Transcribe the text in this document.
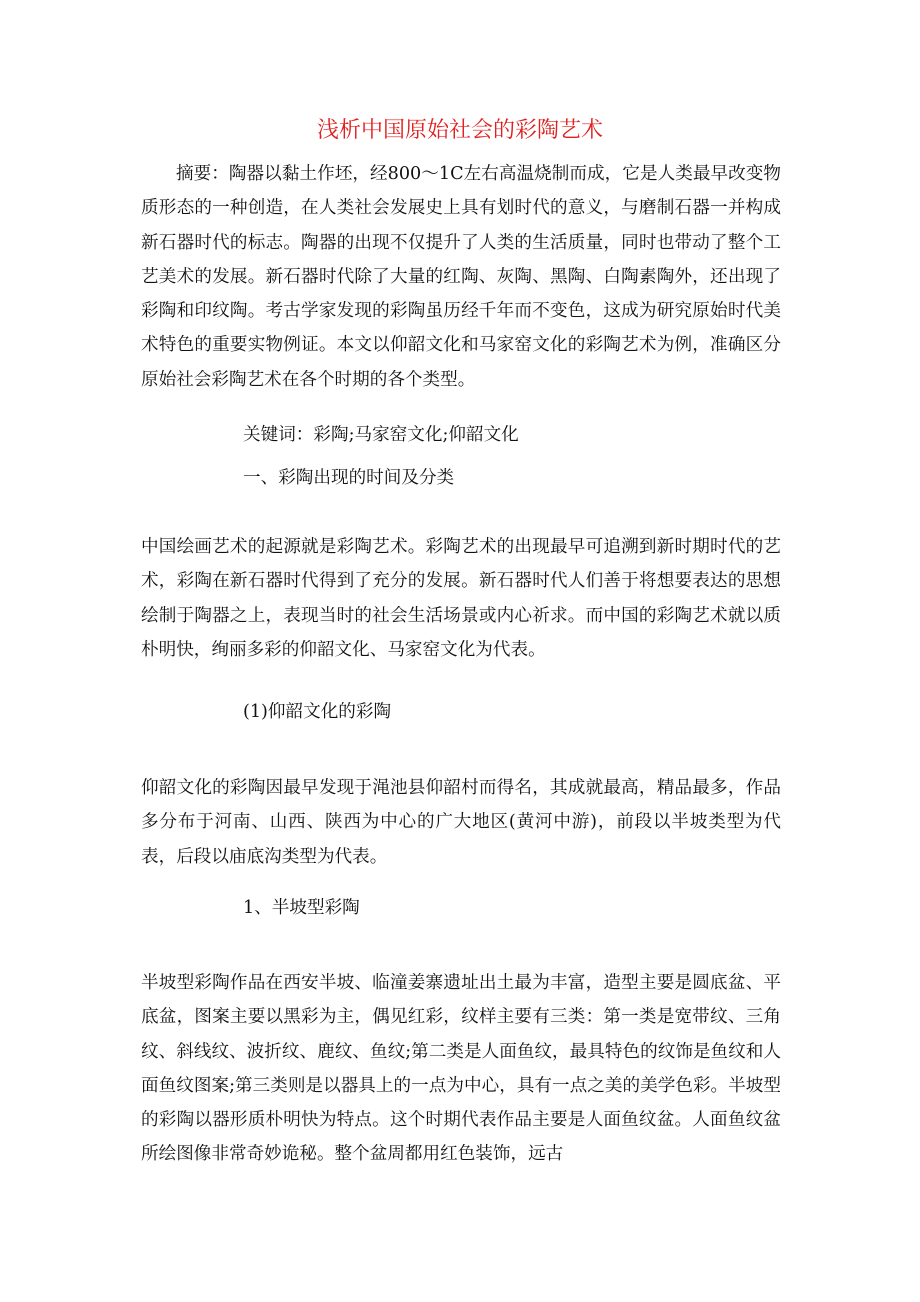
浅析中国原始社会的彩陶艺术

摘要：陶器以黏土作坯，经800～1C左右高温烧制而成，它是人类最早改变物质形态的一种创造，在人类社会发展史上具有划时代的意义，与磨制石器一并构成新石器时代的标志。陶器的出现不仅提升了人类的生活质量，同时也带动了整个工艺美术的发展。新石器时代除了大量的红陶、灰陶、黑陶、白陶素陶外，还出现了彩陶和印纹陶。考古学家发现的彩陶虽历经千年而不变色，这成为研究原始时代美术特色的重要实物例证。本文以仰韶文化和马家窑文化的彩陶艺术为例，准确区分原始社会彩陶艺术在各个时期的各个类型。

关键词：彩陶;马家窑文化;仰韶文化

一、彩陶出现的时间及分类

中国绘画艺术的起源就是彩陶艺术。彩陶艺术的出现最早可追溯到新时期时代的艺术，彩陶在新石器时代得到了充分的发展。新石器时代人们善于将想要表达的思想绘制于陶器之上，表现当时的社会生活场景或内心祈求。而中国的彩陶艺术就以质朴明快，绚丽多彩的仰韶文化、马家窑文化为代表。

(1)仰韶文化的彩陶

仰韶文化的彩陶因最早发现于渑池县仰韶村而得名，其成就最高，精品最多，作品多分布于河南、山西、陕西为中心的广大地区(黄河中游)，前段以半坡类型为代表，后段以庙底沟类型为代表。

1、半坡型彩陶

半坡型彩陶作品在西安半坡、临潼姜寨遗址出土最为丰富，造型主要是圆底盆、平底盆，图案主要以黑彩为主，偶见红彩，纹样主要有三类：第一类是宽带纹、三角纹、斜线纹、波折纹、鹿纹、鱼纹;第二类是人面鱼纹，最具特色的纹饰是鱼纹和人面鱼纹图案;第三类则是以器具上的一点为中心，具有一点之美的美学色彩。半坡型的彩陶以器形质朴明快为特点。这个时期代表作品主要是人面鱼纹盆。人面鱼纹盆所绘图像非常奇妙诡秘。整个盆周都用红色装饰，远古
